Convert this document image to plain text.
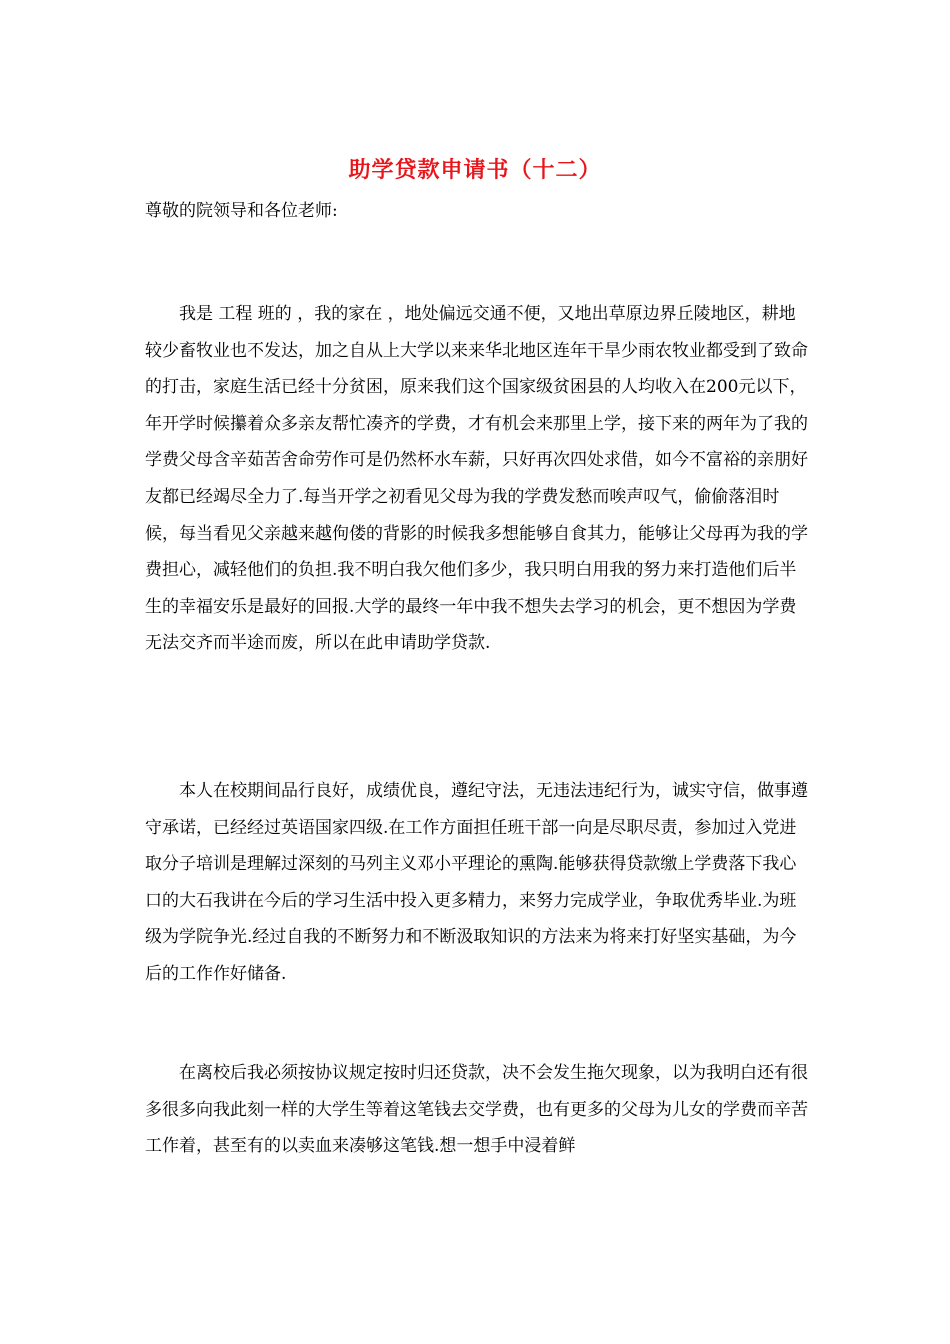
助学贷款申请书（十二）
尊敬的院领导和各位老师:

我是 工程 班的 ，我的家在 ，地处偏远交通不便，又地出草原边界丘陵地区，耕地较少畜牧业也不发达，加之自从上大学以来来华北地区连年干旱少雨农牧业都受到了致命的打击，家庭生活已经十分贫困，原来我们这个国家级贫困县的人均收入在200元以下， 年开学时候攥着众多亲友帮忙凑齐的学费，才有机会来那里上学，接下来的两年为了我的学费父母含辛茹苦舍命劳作可是仍然杯水车薪，只好再次四处求借，如今不富裕的亲朋好友都已经竭尽全力了.每当开学之初看见父母为我的学费发愁而唉声叹气，偷偷落泪时候，每当看见父亲越来越佝偻的背影的时候我多想能够自食其力，能够让父母再为我的学费担心，减轻他们的负担.我不明白我欠他们多少，我只明白用我的努力来打造他们后半生的幸福安乐是最好的回报.大学的最终一年中我不想失去学习的机会，更不想因为学费无法交齐而半途而废，所以在此申请助学贷款.

本人在校期间品行良好，成绩优良，遵纪守法，无违法违纪行为，诚实守信，做事遵守承诺，已经经过英语国家四级.在工作方面担任班干部一向是尽职尽责，参加过入党进取分子培训是理解过深刻的马列主义邓小平理论的熏陶.能够获得贷款缴上学费落下我心口的大石我讲在今后的学习生活中投入更多精力，来努力完成学业，争取优秀毕业.为班级为学院争光.经过自我的不断努力和不断汲取知识的方法来为将来打好坚实基础，为今后的工作作好储备.

在离校后我必须按协议规定按时归还贷款，决不会发生拖欠现象，以为我明白还有很多很多向我此刻一样的大学生等着这笔钱去交学费，也有更多的父母为儿女的学费而辛苦工作着，甚至有的以卖血来凑够这笔钱.想一想手中浸着鲜
